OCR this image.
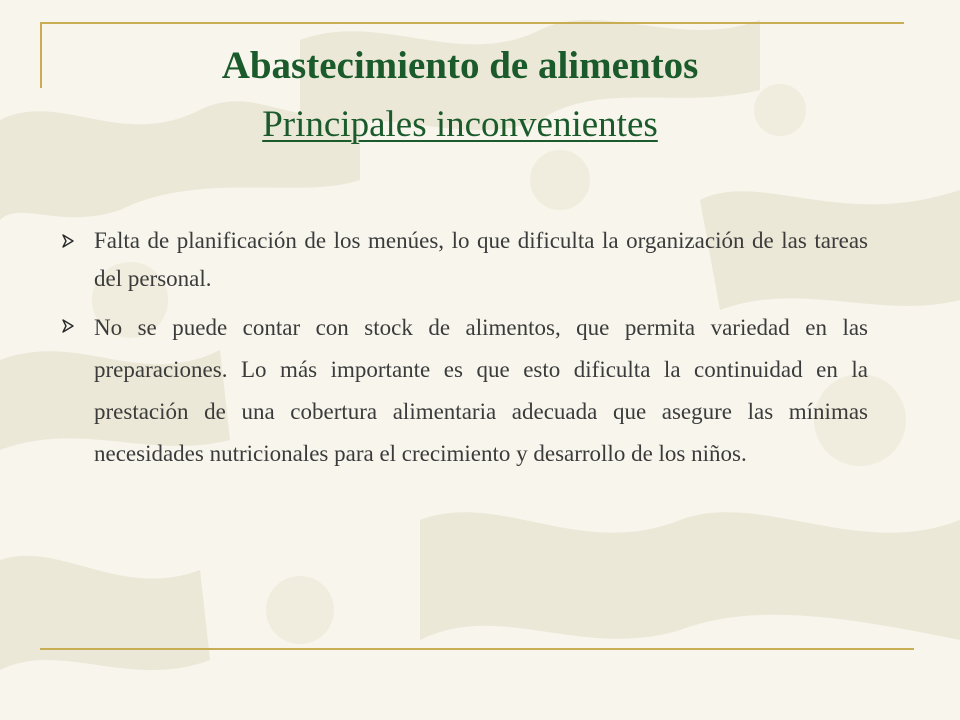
Abastecimiento de alimentos
Principales inconvenientes
Falta de planificación de los menúes, lo que dificulta la organización de las tareas del personal.
No se puede contar con stock de alimentos, que permita variedad en las preparaciones. Lo más importante es que esto dificulta la continuidad en la prestación de una cobertura alimentaria adecuada que asegure las mínimas necesidades nutricionales para el crecimiento y desarrollo de los niños.
